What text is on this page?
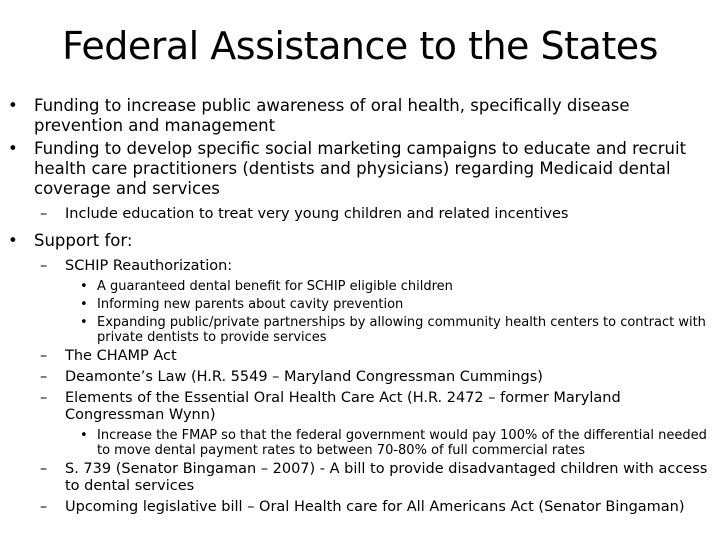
Federal Assistance to the States
• Funding to increase public awareness of oral health, specifically disease prevention and management
• Funding to develop specific social marketing campaigns to educate and recruit health care practitioners (dentists and physicians) regarding Medicaid dental coverage and services
– Include education to treat very young children and related incentives
• Support for:
– SCHIP Reauthorization:
• A guaranteed dental benefit for SCHIP eligible children
• Informing new parents about cavity prevention
• Expanding public/private partnerships by allowing community health centers to contract with private dentists to provide services
– The CHAMP Act
– Deamonte’s Law (H.R. 5549 – Maryland Congressman Cummings)
– Elements of the Essential Oral Health Care Act (H.R. 2472 – former Maryland Congressman Wynn)
• Increase the FMAP so that the federal government would pay 100% of the differential needed to move dental payment rates to between 70-80% of full commercial rates
– S. 739 (Senator Bingaman – 2007) - A bill to provide disadvantaged children with access to dental services
– Upcoming legislative bill – Oral Health care for All Americans Act (Senator Bingaman)
